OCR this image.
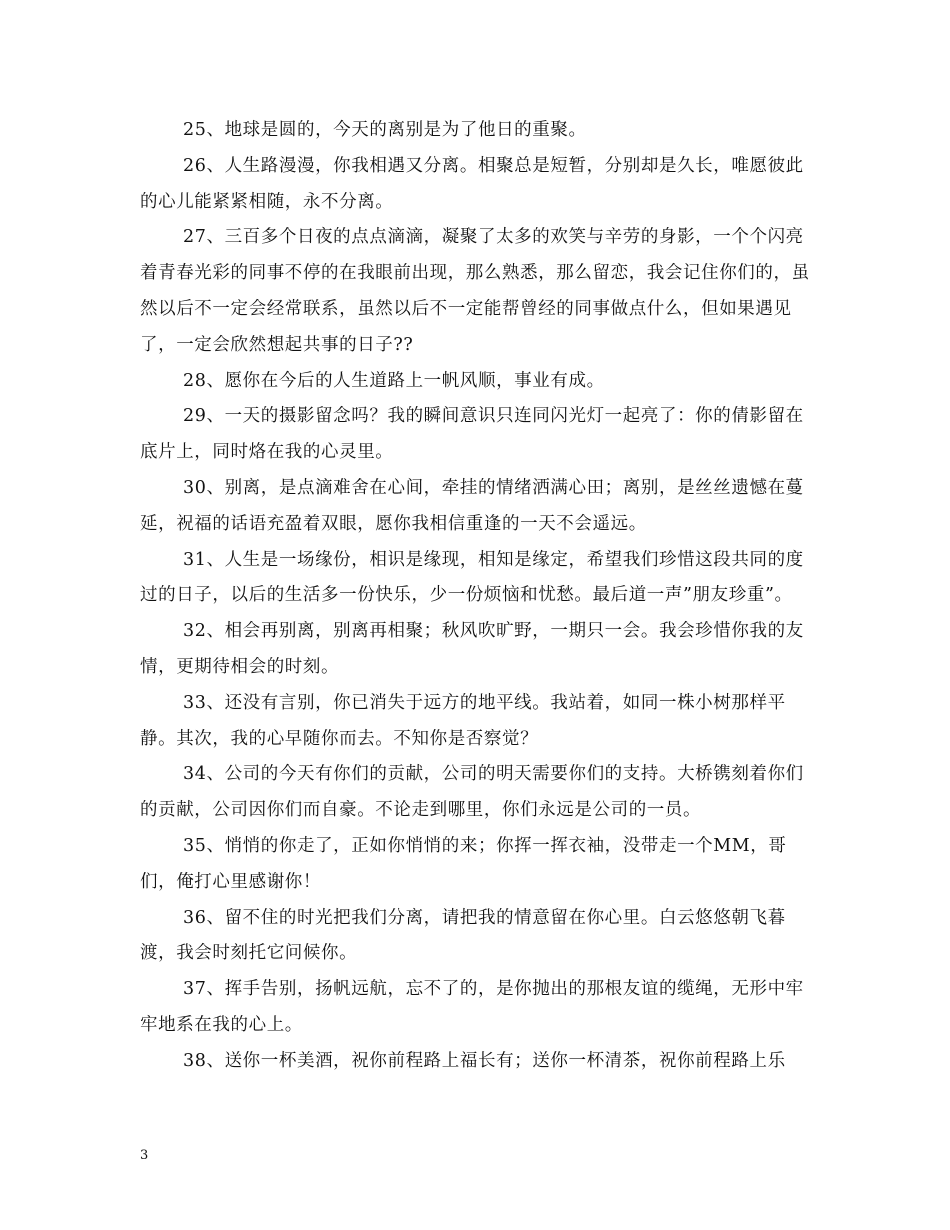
25、地球是圆的，今天的离别是为了他日的重聚。

26、人生路漫漫，你我相遇又分离。相聚总是短暂，分别却是久长，唯愿彼此的心儿能紧紧相随，永不分离。

27、三百多个日夜的点点滴滴，凝聚了太多的欢笑与辛劳的身影，一个个闪亮着青春光彩的同事不停的在我眼前出现，那么熟悉，那么留恋，我会记住你们的，虽然以后不一定会经常联系，虽然以后不一定能帮曾经的同事做点什么，但如果遇见了，一定会欣然想起共事的日子??

28、愿你在今后的人生道路上一帆风顺，事业有成。

29、一天的摄影留念吗？我的瞬间意识只连同闪光灯一起亮了：你的倩影留在底片上，同时烙在我的心灵里。

30、别离，是点滴难舍在心间，牵挂的情绪洒满心田；离别，是丝丝遗憾在蔓延，祝福的话语充盈着双眼，愿你我相信重逢的一天不会遥远。

31、人生是一场缘份，相识是缘现，相知是缘定，希望我们珍惜这段共同的度过的日子，以后的生活多一份快乐，少一份烦恼和忧愁。最后道一声”朋友珍重”。

32、相会再别离，别离再相聚；秋风吹旷野，一期只一会。我会珍惜你我的友情，更期待相会的时刻。

33、还没有言别，你已消失于远方的地平线。我站着，如同一株小树那样平静。其次，我的心早随你而去。不知你是否察觉？

34、公司的今天有你们的贡献，公司的明天需要你们的支持。大桥镌刻着你们的贡献，公司因你们而自豪。不论走到哪里，你们永远是公司的一员。

35、悄悄的你走了，正如你悄悄的来；你挥一挥衣袖，没带走一个MM，哥们，俺打心里感谢你！

36、留不住的时光把我们分离，请把我的情意留在你心里。白云悠悠朝飞暮渡，我会时刻托它问候你。

37、挥手告别，扬帆远航，忘不了的，是你抛出的那根友谊的缆绳，无形中牢牢地系在我的心上。

38、送你一杯美酒，祝你前程路上福长有；送你一杯清茶，祝你前程路上乐

3
